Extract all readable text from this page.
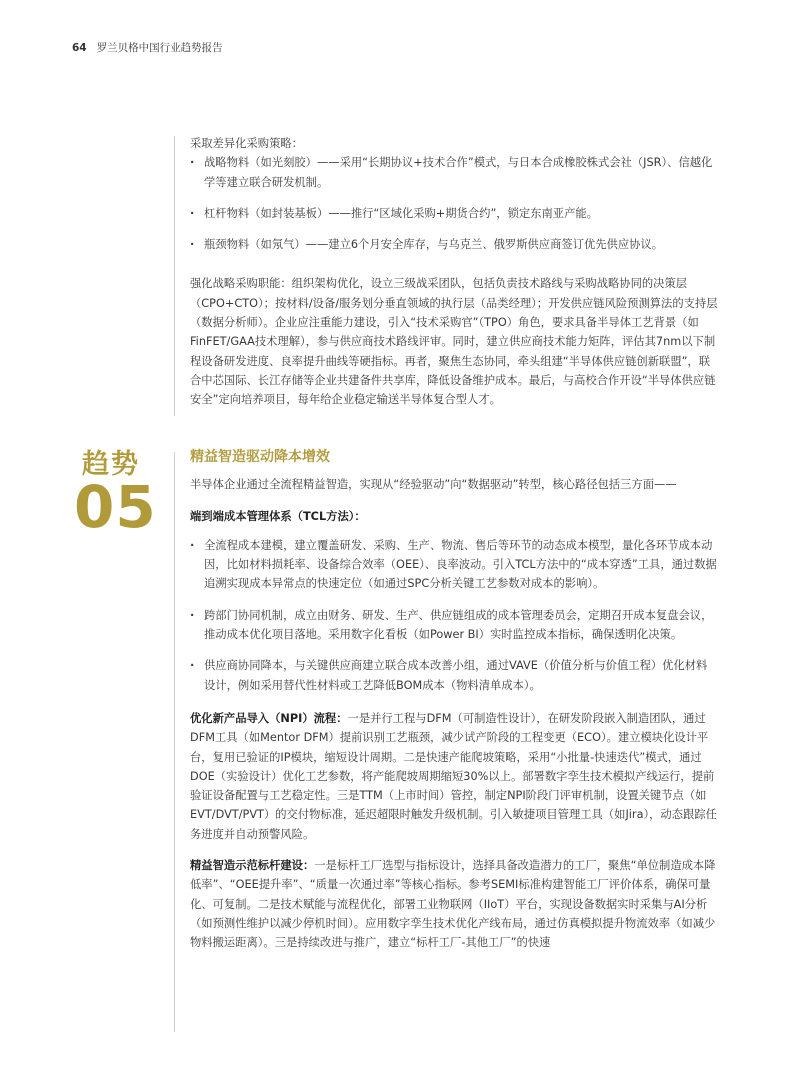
64 罗兰贝格中国行业趋势报告

采取差异化采购策略：

· 战略物料（如光刻胶）——采用“长期协议+技术合作”模式，与日本合成橡胶株式会社（JSR）、信越化学等建立联合研发机制。
· 杠杆物料（如封装基板）——推行“区域化采购+期货合约”，锁定东南亚产能。
· 瓶颈物料（如氖气）——建立6个月安全库存，与乌克兰、俄罗斯供应商签订优先供应协议。

强化战略采购职能：组织架构优化，设立三级战采团队，包括负责技术路线与采购战略协同的决策层（CPO+CTO）；按材料/设备/服务划分垂直领域的执行层（品类经理）；开发供应链风险预测算法的支持层（数据分析师）。企业应注重能力建设，引入“技术采购官”（TPO）角色，要求具备半导体工艺背景（如FinFET/GAA技术理解），参与供应商技术路线评审。同时，建立供应商技术能力矩阵，评估其7nm以下制程设备研发进度、良率提升曲线等硬指标。再者，聚焦生态协同，牵头组建“半导体供应链创新联盟”，联合中芯国际、长江存储等企业共建备件共享库，降低设备维护成本。最后，与高校合作开设“半导体供应链安全”定向培养项目，每年给企业稳定输送半导体复合型人才。

趋势
05
精益智造驱动降本增效

半导体企业通过全流程精益智造，实现从“经验驱动”向“数据驱动”转型，核心路径包括三方面——

端到端成本管理体系（TCL方法）：

· 全流程成本建模，建立覆盖研发、采购、生产、物流、售后等环节的动态成本模型，量化各环节成本动因，比如材料损耗率、设备综合效率（OEE）、良率波动。引入TCL方法中的“成本穿透”工具，通过数据追溯实现成本异常点的快速定位（如通过SPC分析关键工艺参数对成本的影响）。
· 跨部门协同机制，成立由财务、研发、生产、供应链组成的成本管理委员会，定期召开成本复盘会议，推动成本优化项目落地。采用数字化看板（如Power BI）实时监控成本指标，确保透明化决策。
· 供应商协同降本，与关键供应商建立联合成本改善小组，通过VAVE（价值分析与价值工程）优化材料设计，例如采用替代性材料或工艺降低BOM成本（物料清单成本）。

优化新产品导入（NPI）流程：一是并行工程与DFM（可制造性设计），在研发阶段嵌入制造团队，通过DFM工具（如Mentor DFM）提前识别工艺瓶颈，减少试产阶段的工程变更（ECO）。建立模块化设计平台，复用已验证的IP模块，缩短设计周期。二是快速产能爬坡策略，采用“小批量-快速迭代”模式，通过DOE（实验设计）优化工艺参数，将产能爬坡周期缩短30%以上。部署数字孪生技术模拟产线运行，提前验证设备配置与工艺稳定性。三是TTM（上市时间）管控，制定NPI阶段门评审机制，设置关键节点（如EVT/DVT/PVT）的交付物标准，延迟超限时触发升级机制。引入敏捷项目管理工具（如Jira），动态跟踪任务进度并自动预警风险。

精益智造示范标杆建设：一是标杆工厂选型与指标设计，选择具备改造潜力的工厂，聚焦“单位制造成本降低率”、“OEE提升率”、“质量一次通过率”等核心指标。参考SEMI标准构建智能工厂评价体系，确保可量化、可复制。二是技术赋能与流程优化，部署工业物联网（IIoT）平台，实现设备数据实时采集与AI分析（如预测性维护以减少停机时间）。应用数字孪生技术优化产线布局，通过仿真模拟提升物流效率（如减少物料搬运距离）。三是持续改进与推广，建立“标杆工厂-其他工厂”的快速
